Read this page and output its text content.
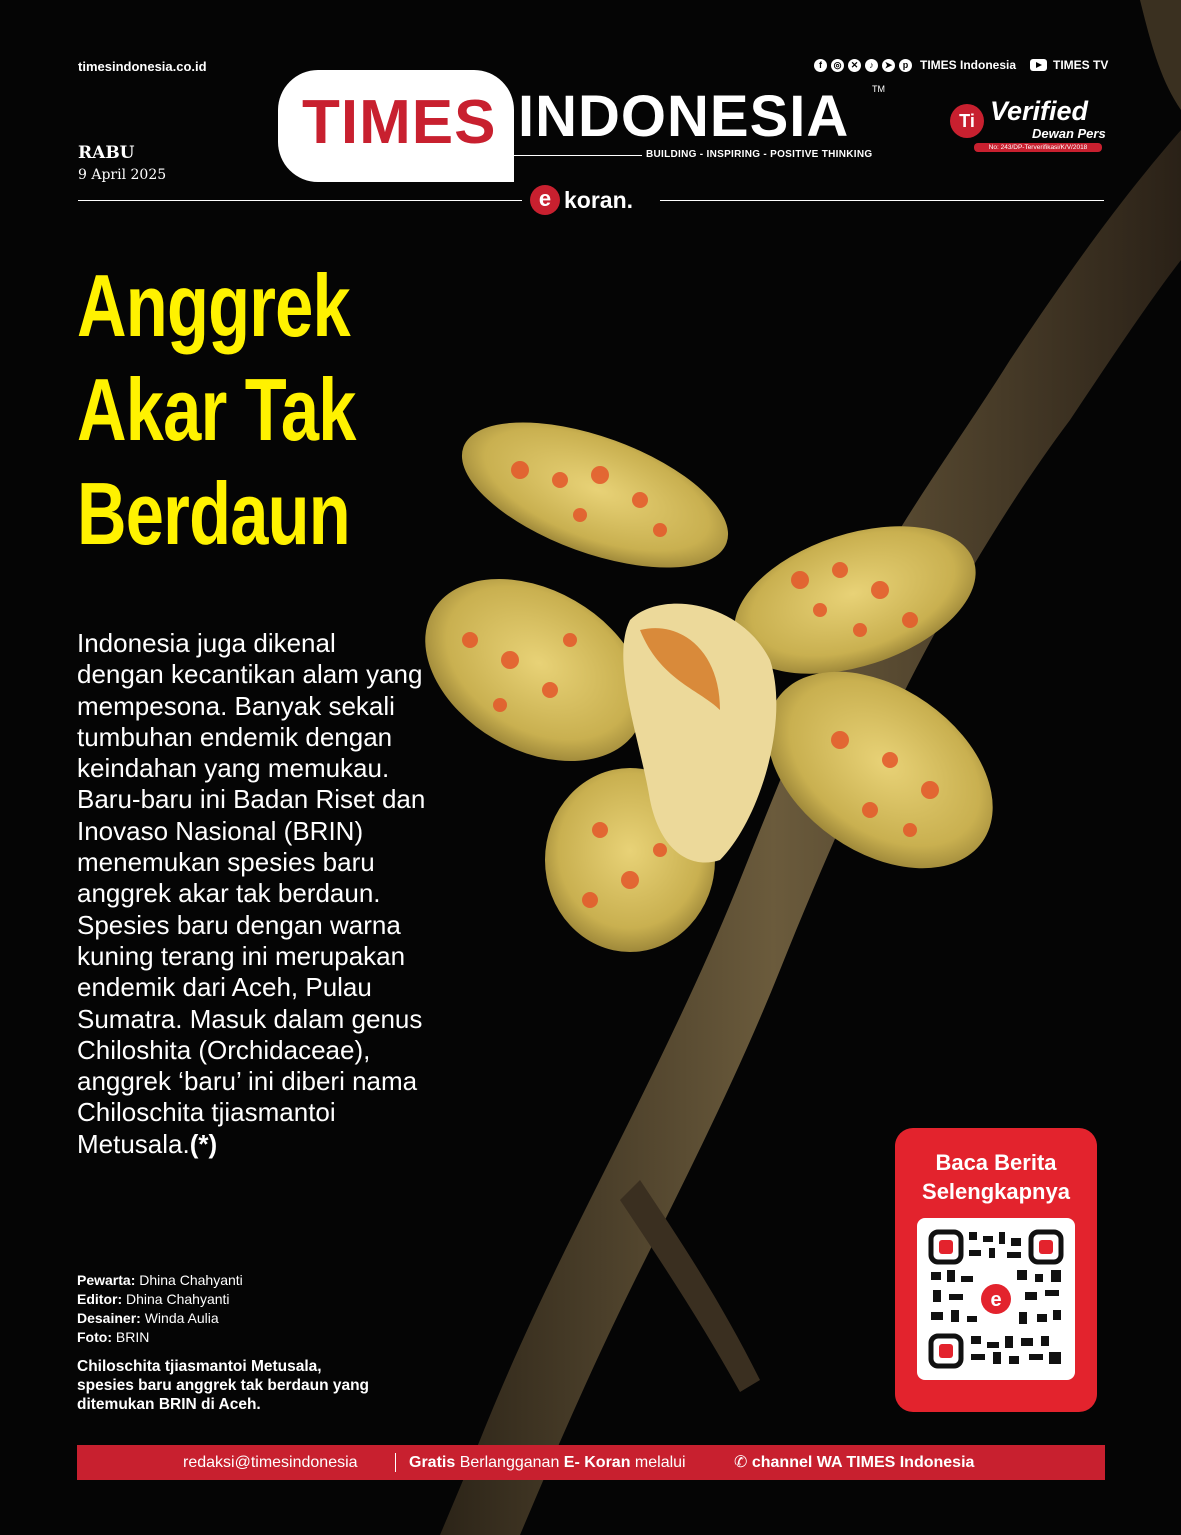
timesindonesia.co.id	f	◎	✕	♪	➤	p TIMES Indonesia	TIMES TV
TIMES INDONESIA	TM
BUILDING - INSPIRING - POSITIVE THINKING
Ti Verified
Dewan Pers
No: 243/DP-Terverifikasi/K/V/2018
RABU
9 April 2025
e koran.
Anggrek
Akar Tak
Berdaun
Indonesia juga dikenal dengan kecantikan alam yang mempesona. Banyak sekali tumbuhan endemik dengan keindahan yang memukau. Baru-baru ini Badan Riset dan Inovaso Nasional (BRIN) menemukan spesies baru anggrek akar tak berdaun. Spesies baru dengan warna kuning terang ini merupakan endemik dari Aceh, Pulau Sumatra. Masuk dalam genus Chiloshita (Orchidaceae), anggrek ‘baru’ ini diberi nama Chiloschita tjiasmantoi Metusala.(*)
Pewarta: Dhina Chahyanti
Editor: Dhina Chahyanti
Desainer: Winda Aulia
Foto: BRIN
Chiloschita tjiasmantoi Metusala, spesies baru anggrek tak berdaun yang ditemukan BRIN di Aceh.
Baca Berita
Selengkapnya
e
redaksi@timesindonesia	Gratis Berlangganan E- Koran melalui	✆ channel WA TIMES Indonesia
